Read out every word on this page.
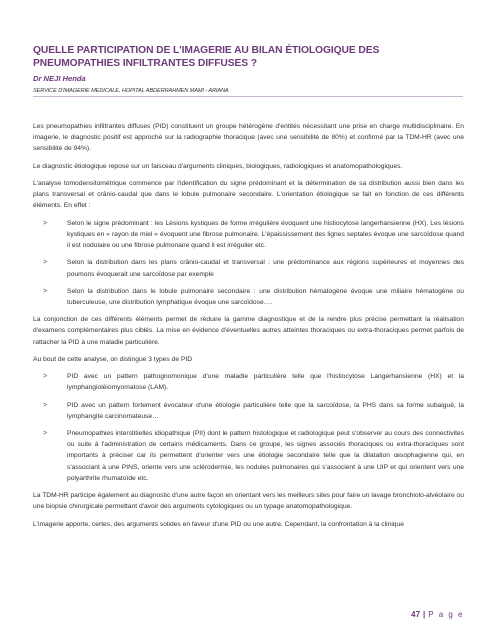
QUELLE PARTICIPATION DE L'IMAGERIE AU BILAN ÉTIOLOGIQUE DES PNEUMOPATHIES INFILTRANTES DIFFUSES ?
Dr NEJI Henda
SERVICE D'IMAGERIE MEDICALE, HOPITAL ABDERRAHMEN MAMI - ARIANA

Les pneumopathies infiltrantes diffuses (PID) constituent un groupe hétérogène d'entités nécessitant une prise en charge multidisciplinaire. En imagerie, le diagnostic positif est approché sur la radiographie thoracique (avec une sensibilité de 80%) et confirmé par la TDM-HR (avec une sensibilité de 94%).

Le diagnostic étiologique repose sur un faisceau d'arguments cliniques, biologiques, radiologiques et anatomopathologiques.

L'analyse tomodensitométrique commence par l'identification du signe prédominant et la détermination de sa distribution aussi bien dans les plans transversal et crânio-caudal que dans le lobule pulmonaire secondaire. L'orientation étiologique se fait en fonction de ces différents éléments. En effet :

>	Selon le signe prédominant : les Lésions kystiques de forme irrégulière évoquent une histiocytose langerhansienne (HX). Les lésions kystiques en « rayon de miel » évoquent une fibrose pulmonaire. L'épaississement des lignes septales évoque une sarcoïdose quand il est nodulaire ou une fibrose pulmonaire quand il est irrégulier etc.
>	Selon la distribution dans les plans crânio-caudal et transversal : une prédominance aux régions supérieures et moyennes des poumons évoquerait une sarcoïdose par exemple
>	Selon la distribution dans le lobule pulmonaire secondaire : une distribution hématogène évoque une miliaire hématogène ou tuberculeuse, une distribution lymphatique évoque une sarcoïdose….

La conjonction de ces différents éléments permet de réduire la gamme diagnostique et de la rendre plus précise permettant la réalisation d'examens complémentaires plus ciblés. La mise en évidence d'éventuelles autres atteintes thoraciques ou extra-thoraciques permet parfois de rattacher la PID à une maladie particulière.

Au bout de cette analyse, on distingue 3 types de PID

>	PID avec un pattern pathognomonique d'une maladie particulière telle que l'histiocytose Langerhansienne (HX) et la lymphangioléiomyomatose (LAM).
>	PID avec un pattern fortement évocateur d'une étiologie particulière telle que la sarcoïdose, la PHS dans sa forme subaiguë, la lymphangite carcinomateuse…
>	Pneumopathies interstitielles idiopathique (PII) dont le pattern histologique et radiologique peut s'observer au cours des connectivites ou suite à l'administration de certains médicaments. Dans ce groupe, les signes associés thoraciques ou extra-thoraciques sont importants à préciser car ils permettent d'orienter vers une étiologie secondaire telle que la dilatation œsophagienne qui, en s'associant à une PINS, oriente vers une sclérodermie, les nodules pulmonaires qui s'associent à une UIP et qui orientent vers une polyarthrite rhumatoïde etc.

La TDM-HR participe également au diagnostic d'une autre façon en orientant vers les meilleurs sites pour faire un lavage bronchiolo-alvéolaire ou une biopsie chirurgicale permettant d'avoir des arguments cytologiques ou un typage anatomopathologique.

L'imagerie apporte, certes, des arguments solides en faveur d'une PID ou une autre. Cependant, la confrontation à la clinique

47 | P a g e
